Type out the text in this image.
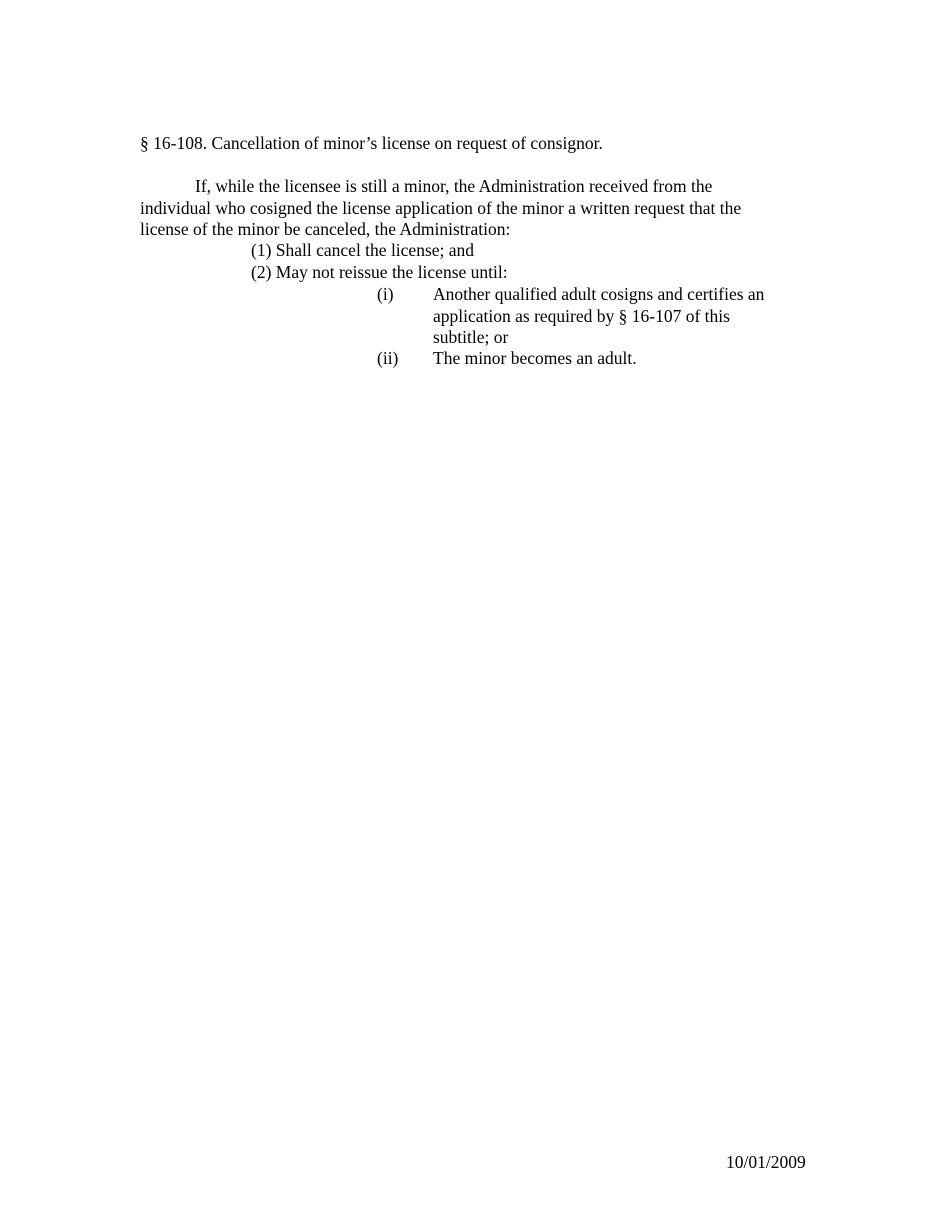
§ 16-108. Cancellation of minor’s license on request of consignor.
If, while the licensee is still a minor, the Administration received from the
individual who cosigned the license application of the minor a written request that the
license of the minor be canceled, the Administration:
(1) Shall cancel the license; and
(2) May not reissue the license until:
(i) Another qualified adult cosigns and certifies an
application as required by § 16-107 of this
subtitle; or
(ii) The minor becomes an adult.
10/01/2009
